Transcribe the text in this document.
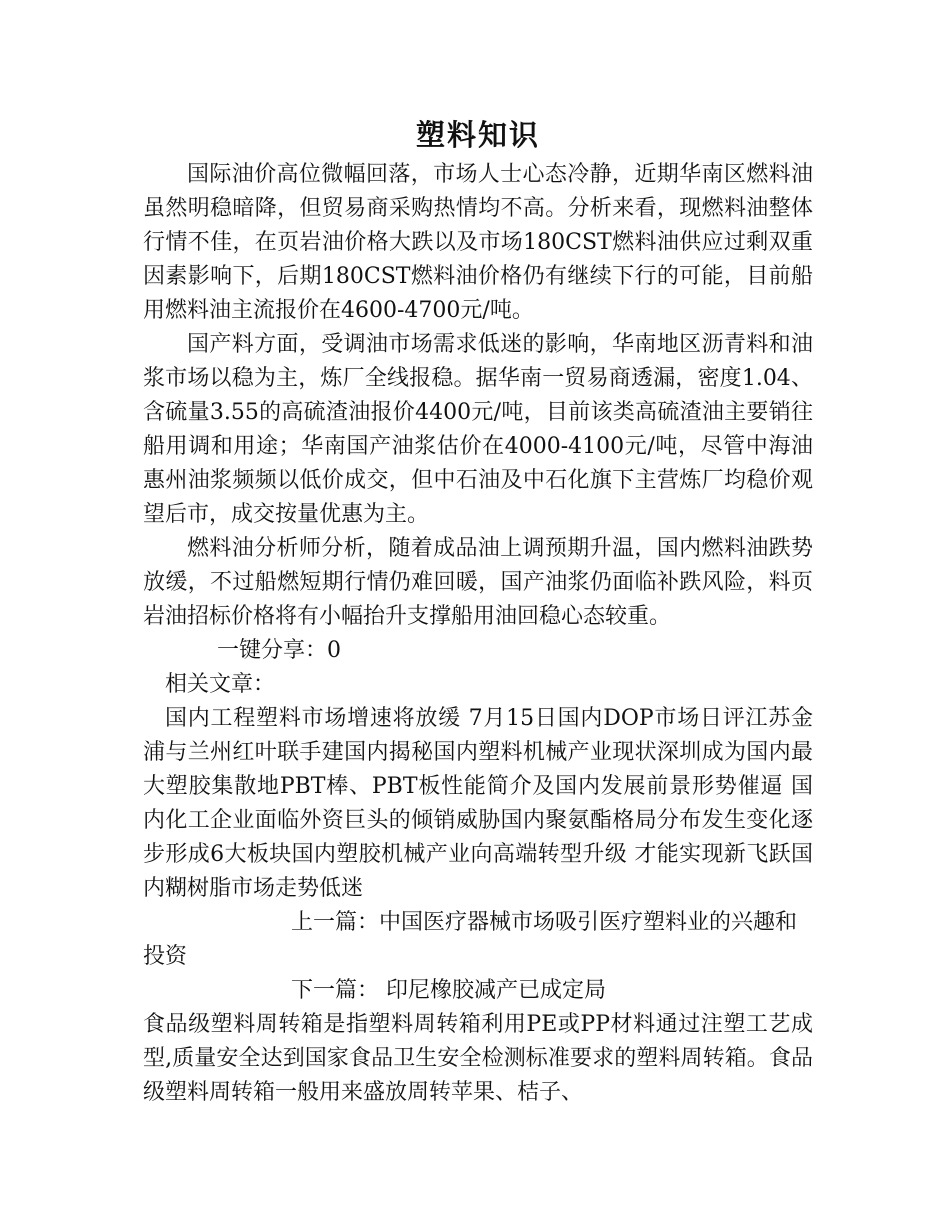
塑料知识

国际油价高位微幅回落，市场人士心态冷静，近期华南区燃料油虽然明稳暗降，但贸易商采购热情均不高。分析来看，现燃料油整体行情不佳，在页岩油价格大跌以及市场180CST燃料油供应过剩双重因素影响下，后期180CST燃料油价格仍有继续下行的可能，目前船用燃料油主流报价在4600-4700元/吨。

国产料方面，受调油市场需求低迷的影响，华南地区沥青料和油浆市场以稳为主，炼厂全线报稳。据华南一贸易商透漏，密度1.04、含硫量3.55的高硫渣油报价4400元/吨，目前该类高硫渣油主要销往船用调和用途；华南国产油浆估价在4000-4100元/吨，尽管中海油惠州油浆频频以低价成交，但中石油及中石化旗下主营炼厂均稳价观望后市，成交按量优惠为主。

燃料油分析师分析，随着成品油上调预期升温，国内燃料油跌势放缓，不过船燃短期行情仍难回暖，国产油浆仍面临补跌风险，料页岩油招标价格将有小幅抬升支撑船用油回稳心态较重。

一键分享：0

相关文章：

国内工程塑料市场增速将放缓 7月15日国内DOP市场日评江苏金浦与兰州红叶联手建国内揭秘国内塑料机械产业现状深圳成为国内最大塑胶集散地PBT棒、PBT板性能简介及国内发展前景形势催逼 国内化工企业面临外资巨头的倾销威胁国内聚氨酯格局分布发生变化逐步形成6大板块国内塑胶机械产业向高端转型升级 才能实现新飞跃国内糊树脂市场走势低迷

上一篇：中国医疗器械市场吸引医疗塑料业的兴趣和投资

下一篇： 印尼橡胶减产已成定局

食品级塑料周转箱是指塑料周转箱利用PE或PP材料通过注塑工艺成型,质量安全达到国家食品卫生安全检测标准要求的塑料周转箱。食品级塑料周转箱一般用来盛放周转苹果、桔子、
